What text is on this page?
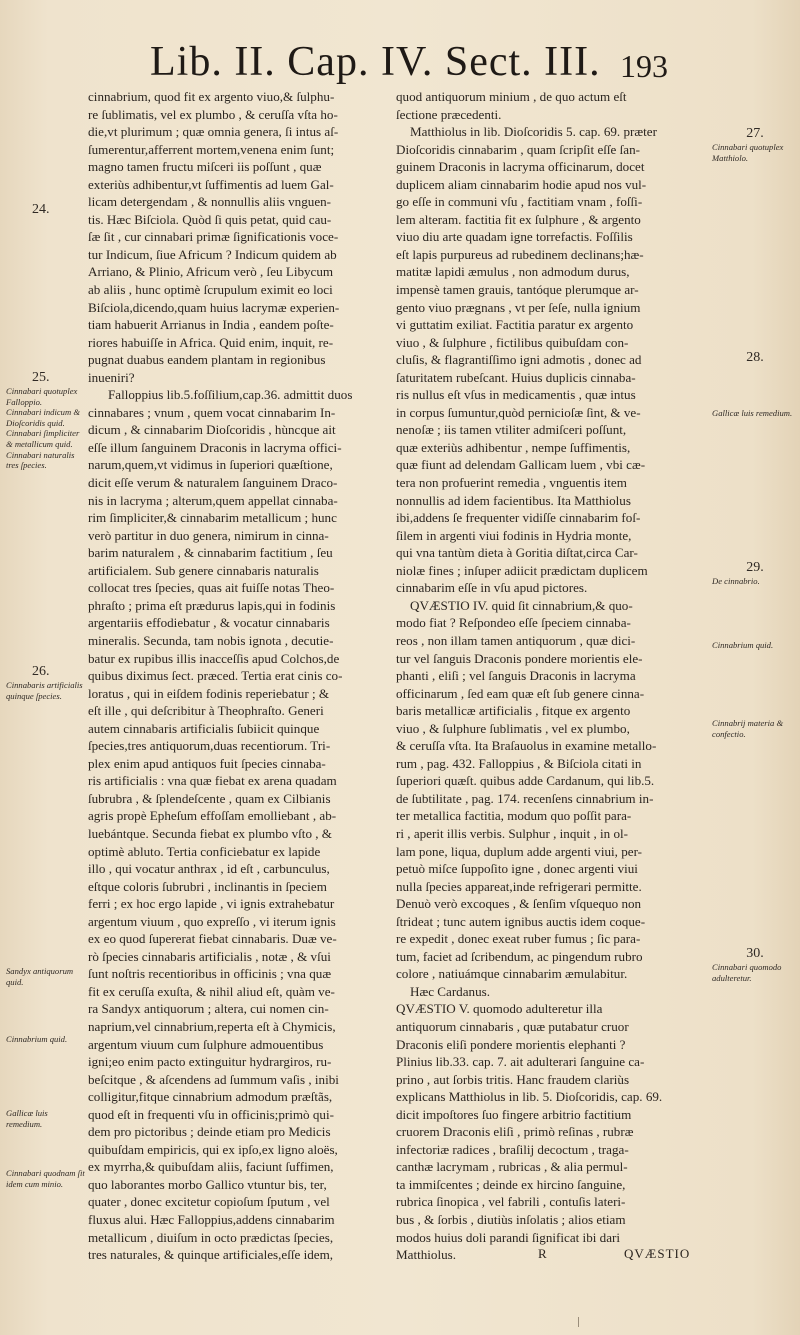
Lib. II. Cap. IV. Sect. III. 193
cinnabrium, quod fit ex argento viuo,& ſulphu-
re ſublimatis, vel ex plumbo , & ceruſſa vſta ho-
die,vt plurimum ; quæ omnia genera, ſi intus aſ-
ſumerentur,afferrent mortem,venena enim ſunt;
magno tamen fructu miſceri iis poſſunt , quæ
exteriùs adhibentur,vt ſuffimentis ad luem Gal-
licam detergendam , & nonnullis aliis vnguen-
tis. Hæc Biſciola. Quòd ſi quis petat, quid cau-
ſæ ſit , cur cinnabari primæ ſignificationis voce-
tur Indicum, ſiue Africum ? Indicum quidem ab
Arriano, & Plinio, Africum verò , ſeu Libycum
ab aliis , hunc optimè ſcrupulum eximit eo loci
Biſciola,dicendo,quam huius lacrymæ experien-
tiam habuerit Arrianus in India , eandem poſte-
riores habuiſſe in Africa. Quid enim, inquit, re-
pugnat duabus eandem plantam in regionibus
inueniri?
Falloppius lib.5.foſſilium,cap.36. admittit duos
cinnabares ; vnum , quem vocat cinnabarim In-
dicum , & cinnabarim Dioſcoridis , hùncque ait
eſſe illum ſanguinem Draconis in lacryma offici-
narum,quem,vt vidimus in ſuperiori quæſtione,
dicit eſſe verum & naturalem ſanguinem Draco-
nis in lacryma ; alterum,quem appellat cinnaba-
rim ſimpliciter,& cinnabarim metallicum ; hunc
verò partitur in duo genera, nimirum in cinna-
barim naturalem , & cinnabarim factitium , ſeu
artificialem. Sub genere cinnabaris naturalis
collocat tres ſpecies, quas ait fuiſſe notas Theo-
phraſto ; prima eſt prædurus lapis,qui in fodinis
argentariis effodiebatur , & vocatur cinnabaris
mineralis. Secunda, tam nobis ignota , decutie-
batur ex rupibus illis inacceſſis apud Colchos,de
quibus diximus ſect. præced. Tertia erat cinis co-
loratus , qui in eiſdem fodinis reperiebatur ; &
eſt ille , qui deſcribitur à Theophraſto. Generi
autem cinnabaris artificialis ſubiicit quinque
ſpecies,tres antiquorum,duas recentiorum. Tri-
plex enim apud antiquos fuit ſpecies cinnaba-
ris artificialis : vna quæ fiebat ex arena quadam
ſubrubra , & ſplendeſcente , quam ex Cilbianis
agris propè Epheſum effoſſam emolliebant , ab-
luebántque. Secunda fiebat ex plumbo vſto , &
optimè abluto. Tertia conficiebatur ex lapide
illo , qui vocatur anthrax , id eſt , carbunculus,
eſtque coloris ſubrubri , inclinantis in ſpeciem
ferri ; ex hoc ergo lapide , vi ignis extrahebatur
argentum viuum , quo expreſſo , vi iterum ignis
ex eo quod ſupererat fiebat cinnabaris. Duæ ve-
rò ſpecies cinnabaris artificialis , notæ , & vſui
ſunt noſtris recentioribus in officinis ; vna quæ
fit ex ceruſſa exuſta, & nihil aliud eſt, quàm ve-
ra Sandyx antiquorum ; altera, cui nomen cin-
naprium,vel cinnabrium,reperta eſt à Chymicis,
argentum viuum cum ſulphure admouentibus
igni;eo enim pacto extinguitur hydrargiros, ru-
beſcitque , & aſcendens ad ſummum vaſis , inibi
colligitur,fitque cinnabrium admodum præſtãs,
quod eſt in frequenti vſu in officinis;primò qui-
dem pro pictoribus ; deinde etiam pro Medicis
quibuſdam empiricis, qui ex ipſo,ex ligno aloës,
ex myrrha,& quibuſdam aliis, faciunt ſuffimen,
quo laborantes morbo Gallico vtuntur bis, ter,
quater , donec excitetur copioſum ſputum , vel
fluxus alui. Hæc Falloppius,addens cinnabarim
metallicum , diuiſum in octo prædictas ſpecies,
tres naturales, & quinque artificiales,eſſe idem,
quod antiquorum minium , de quo actum eſt
ſectione præcedenti.
Matthiolus in lib. Dioſcoridis 5. cap. 69. præter
Dioſcoridis cinnabarim , quam ſcripſit eſſe ſan-
guinem Draconis in lacryma officinarum, docet
duplicem aliam cinnabarim hodie apud nos vul-
go eſſe in communi vſu , factitiam vnam , foſſi-
lem alteram. factitia fit ex ſulphure , & argento
viuo diu arte quadam igne torrefactis. Foſſilis
eſt lapis purpureus ad rubedinem declinans;hæ-
matitæ lapidi æmulus , non admodum durus,
impensè tamen grauis, tantóque plerumque ar-
gento viuo prægnans , vt per ſeſe, nulla ignium
vi guttatim exiliat. Factitia paratur ex argento
viuo , & ſulphure , fictilibus quibuſdam con-
cluſis, & flagrantiſſimo igni admotis , donec ad
ſaturitatem rubeſcant. Huius duplicis cinnaba-
ris nullus eſt vſus in medicamentis , quæ intus
in corpus ſumuntur,quòd pernicioſæ ſint, & ve-
nenoſæ ; iis tamen vtiliter admiſceri poſſunt,
quæ exteriùs adhibentur , nempe ſuffimentis,
quæ fiunt ad delendam Gallicam luem , vbi cæ-
tera non profuerint remedia , vnguentis item
nonnullis ad idem facientibus. Ita Matthiolus
ibi,addens ſe frequenter vidiſſe cinnabarim foſ-
ſilem in argenti viui fodinis in Hydria monte,
qui vna tantùm dieta à Goritia diſtat,circa Car-
niolæ fines ; inſuper adiicit prædictam duplicem
cinnabarim eſſe in vſu apud pictores.
QVÆSTIO IV. quid ſit cinnabrium,& quo-
modo fiat ? Reſpondeo eſſe ſpeciem cinnaba-
reos , non illam tamen antiquorum , quæ dici-
tur vel ſanguis Draconis pondere morientis ele-
phanti , eliſi ; vel ſanguis Draconis in lacryma
officinarum , ſed eam quæ eſt ſub genere cinna-
baris metallicæ artificialis , fitque ex argento
viuo , & ſulphure ſublimatis , vel ex plumbo,
& ceruſſa vſta. Ita Braſauolus in examine metallo-
rum , pag. 432. Falloppius , & Biſciola citati in
ſuperiori quæſt. quibus adde Cardanum, qui lib.5.
de ſubtilitate , pag. 174. recenſens cinnabrium in-
ter metallica factitia, modum quo poſſit para-
ri , aperit illis verbis. Sulphur , inquit , in ol-
lam pone, liqua, duplum adde argenti viui, per-
petuò miſce ſuppoſito igne , donec argenti viui
nulla ſpecies appareat,inde refrigerari permitte.
Denuò verò excoques , & ſenſim vſquequo non
ſtrideat ; tunc autem ignibus auctis idem coque-
re expedit , donec exeat ruber fumus ; ſic para-
tum, faciet ad ſcribendum, ac pingendum rubro
colore , natiuámque cinnabarim æmulabitur.
Hæc Cardanus.
QVÆSTIO V. quomodo adulteretur illa
antiquorum cinnabaris , quæ putabatur cruor
Draconis eliſi pondere morientis elephanti ?
Plinius lib.33. cap. 7. ait adulterari ſanguine ca-
prino , aut ſorbis tritis. Hanc fraudem clariùs
explicans Matthiolus in lib. 5. Dioſcoridis, cap. 69.
dicit impoſtores ſuo fingere arbitrio factitium
cruorem Draconis eliſi , primò reſinas , rubræ
infectoriæ radices , braſilij decoctum , traga-
canthæ lacrymam , rubricas , & alia permul-
ta immiſcentes ; deinde ex hircino ſanguine,
rubrica ſinopica , vel fabrili , contuſis lateri-
bus , & ſorbis , diutiùs inſolatis ; alios etiam
modos huius doli parandi ſignificat ibi dari
Matthiolus.
24.
25.
Cinnabari quotuplex Falloppio.
Cinnabari indicum & Dioſcoridis quid.
Cinnabari ſimpliciter & metallicum quid.
Cinnabari naturalis tres ſpecies.
26.
Cinnabaris artificialis quinque ſpecies.
Sandyx antiquorum quid.
Cinnabrium quid.
Gallicæ luis remedium.
Cinnabari quodnam ſit idem cum minio.
27.
Cinnabari quotuplex Matthiolo.
28.
Gallicæ luis remedium.
29.
De cinnabrio.
Cinnabrium quid.
Cinnabrij materia & confectio.
30.
Cinnabari quomodo adulteretur.
R	QVÆSTIO
